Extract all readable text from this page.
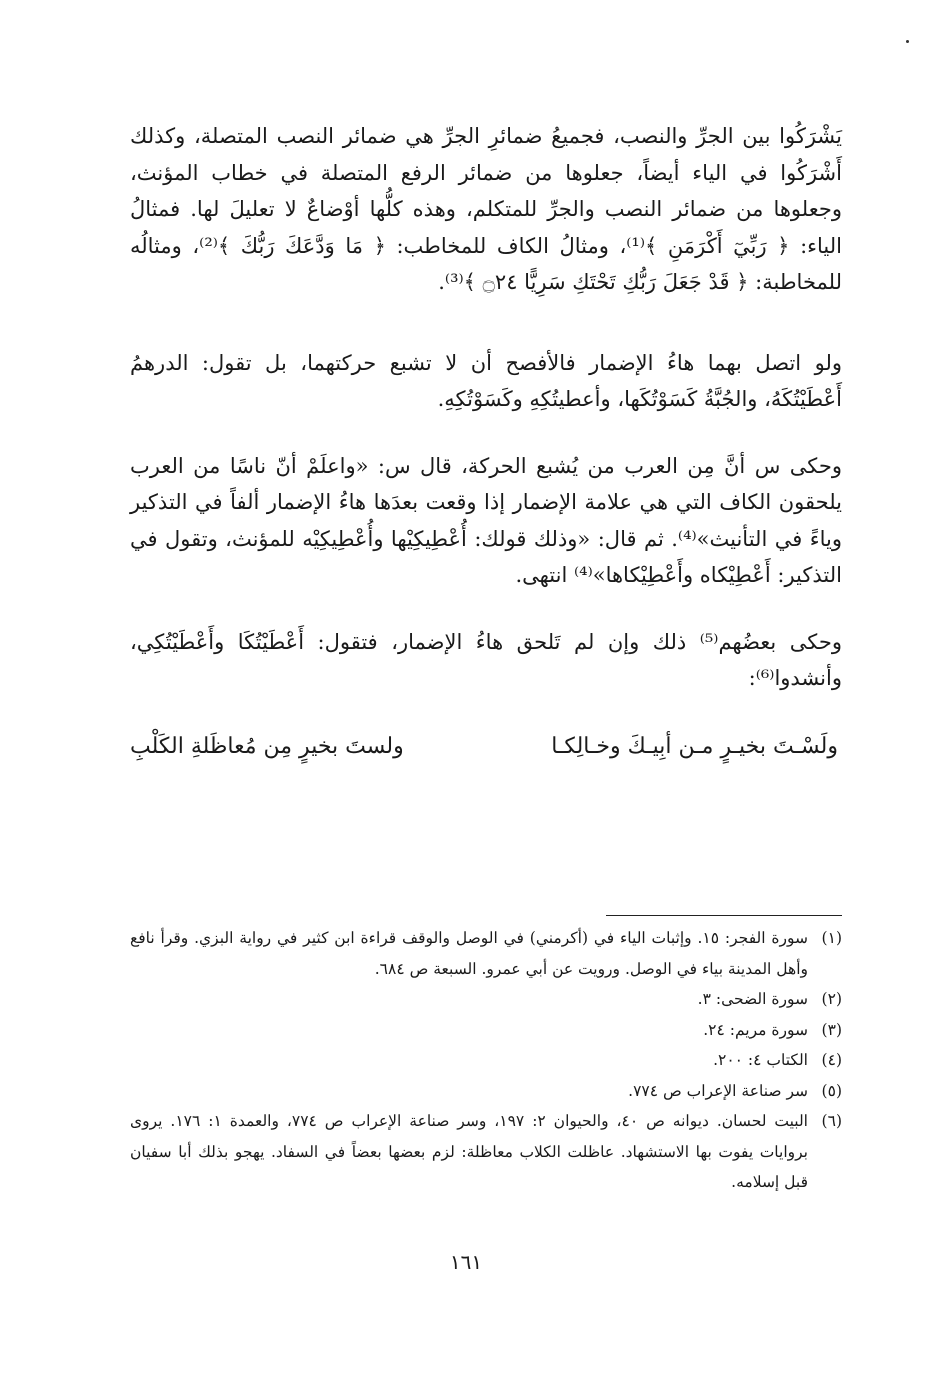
يَشْرَكُوا بين الجرِّ والنصب، فجميعُ ضمائرِ الجرِّ هي ضمائر النصب المتصلة، وكذلك أَشْرَكُوا في الياء أيضاً، جعلوها من ضمائر الرفع المتصلة في خطاب المؤنث، وجعلوها من ضمائر النصب والجرِّ للمتكلم، وهذه كلُّها أوْضاعٌ لا تعليلَ لها. فمثالُ الياء: ﴿ رَبِّيٓ أَكْرَمَنِ ﴾⁽¹⁾، ومثالُ الكاف للمخاطب: ﴿ مَا وَدَّعَكَ رَبُّكَ ﴾⁽²⁾، ومثالُه للمخاطبة: ﴿ قَدْ جَعَلَ رَبُّكِ تَحْتَكِ سَرِيًّا ۝٢٤ ﴾⁽³⁾.

ولو اتصل بهما هاءُ الإضمار فالأفصح أن لا تشبع حركتهما، بل تقول: الدرهمُ أَعْطَيْتُكَهُ، والجُبَّةُ كَسَوْتُكَها، وأعطيتُكِهِ وكَسَوْتُكِهِ.

وحكى س أنَّ مِن العرب من يُشبع الحركة، قال س: «واعلَمْ أنّ ناسًا من العرب يلحقون الكاف التي هي علامة الإضمار إذا وقعت بعدَها هاءُ الإضمار ألفاً في التذكير وياءً في التأنيث»⁽⁴⁾. ثم قال: «وذلك قولك: أُعْطِيكِيْها وأُعْطِيكِيْه للمؤنث، وتقول في التذكير: أَعْطِيْكاه وأَعْطِيْكاها»⁽⁴⁾ انتهى.

وحكى بعضُهم⁽⁵⁾ ذلك وإن لم تَلحق هاءُ الإضمار، فتقول: أَعْطَيْتُكَا وأَعْطَيْتُكِي، وأنشدوا⁽⁶⁾:

ولَسْـتَ بخيـرٍ مـن أبِيـكَ وخـالِكـا
ولستَ بخيرٍ مِن مُعاظَلةِ الكَلْبِ
(١)
سورة الفجر: ١٥. وإثبات الياء في (أكرمني) في الوصل والوقف قراءة ابن كثير في رواية البزي. وقرأ نافع وأهل المدينة بياء في الوصل. ورويت عن أبي عمرو. السبعة ص ٦٨٤.
(٢)
سورة الضحى: ٣.
(٣)
سورة مريم: ٢٤.
(٤)
الكتاب ٤: ٢٠٠.
(٥)
سر صناعة الإعراب ص ٧٧٤.
(٦)
البيت لحسان. ديوانه ص ٤٠، والحيوان ٢: ١٩٧، وسر صناعة الإعراب ص ٧٧٤، والعمدة ١: ١٧٦. يروى بروايات يفوت بها الاستشهاد. عاظلت الكلاب معاظلة: لزم بعضها بعضاً في السفاد. يهجو بذلك أبا سفيان قبل إسلامه.
١٦١
